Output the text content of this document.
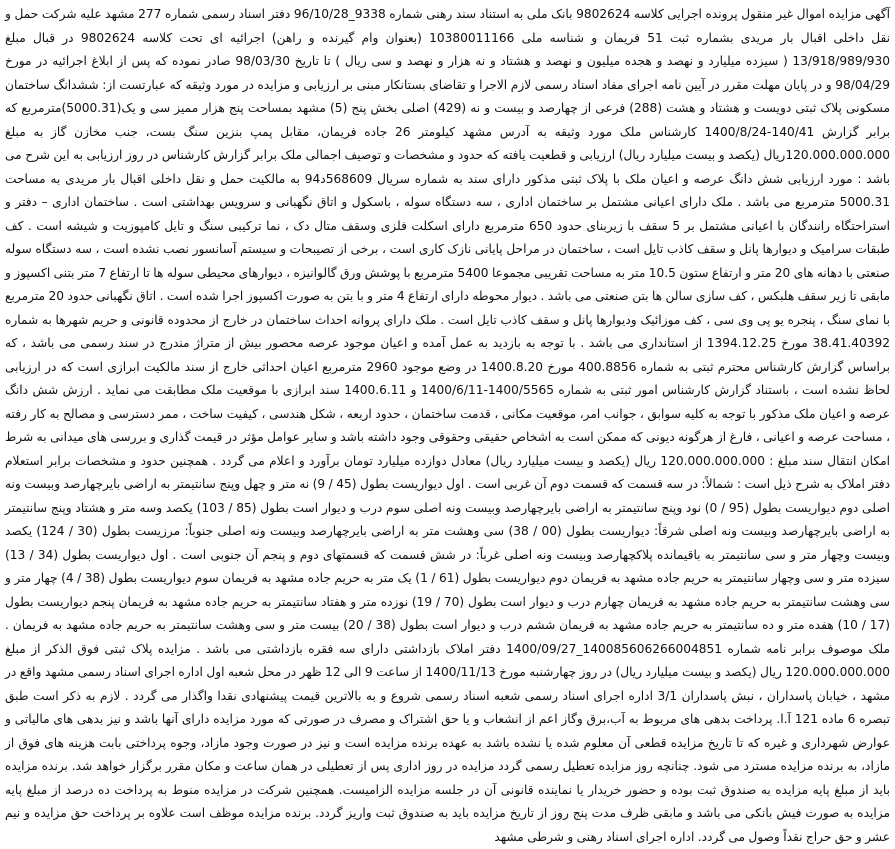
آگهی مزایده اموال غیر منقول پرونده اجرایی کلاسه 9802624 بانک ملی به استناد سند رهنی شماره 9338_96/10/28 دفتر اسناد رسمی شماره 277 مشهد علیه شرکت حمل و نقل داخلی اقبال بار مریدی بشماره ثبت 51 فریمان و شناسه ملی 10380011166 (بعنوان وام گیرنده و راهن) اجرائیه ای تحت کلاسه 9802624 در قبال مبلغ 13/918/989/930 ( سیزده میلیارد و نهصد و هجده میلیون و نهصد و هشتاد و نه هزار و نهصد و سی ریال ) تا تاریخ 98/03/30 صادر نموده که پس از ابلاغ اجرائیه در مورخ 98/04/29 و در پایان مهلت مقرر در آیین نامه اجرای مفاد اسناد رسمی لازم الاجرا و تقاضای بستانکار مبنی بر ارزیابی و مزایده در مورد وثیقه که عبارتست از: ششدانگ ساختمان مسکونی پلاک ثبتی دویست و هشتاد و هشت (288) فرعی از چهارصد و بیست و نه (429) اصلی بخش پنج (5) مشهد بمساحت پنج هزار ممیز سی و یک(5000.31)مترمربع که برابر گزارش 140/41-1400/8/24 کارشناس ملک مورد وثیقه به آدرس مشهد کیلومتر 26 جاده فریمان، مقابل پمپ بنزین سنگ بست، جنب مخازن گاز به مبلغ 120.000.000.000ریال (یکصد و بیست میلیارد ریال) ارزیابی و قطعیت یافته که حدود و مشخصات و توصیف اجمالی ملک برابر گزارش کارشناس در روز ارزیابی به این شرح می باشد : مورد ارزیابی شش دانگ عرصه و اعیان ملک با پلاک ثبتی مذکور دارای سند به شماره سریال 568609د94 به مالکیت حمل و نقل داخلی اقبال بار مریدی به مساحت 5000.31 مترمربع می باشد . ملک دارای اعیانی مشتمل بر ساختمان اداری ، سه دستگاه سوله ، باسکول و اتاق نگهبانی و سرویس بهداشتی است . ساختمان اداری – دفتر و استراحتگاه رانندگان با اعیانی مشتمل بر 5 سقف با زیربنای حدود 650 مترمربع دارای اسکلت فلزی وسقف متال دک ، نما ترکیبی سنگ و تایل کامپوزیت و شیشه است . کف طبقات سرامیک و دیوارها پانل و سقف کاذب تایل است ، ساختمان در مراحل پایانی نازک کاری است ، برخی از تصیبحات و سیستم آسانسور نصب نشده است ، سه دستگاه سوله صنعتی با دهانه های 20 متر و ارتفاع ستون 10.5 متر به مساحت تقریبی مجموعا 5400 مترمربع با پوشش ورق گالوانیزه ، دیوارهای محیطی سوله ها تا ارتفاع 7 متر بتنی اکسپوز و مابقی تا زیر سقف هلبکس ، کف سازی سالن ها بتن صنعتی می باشد . دیوار محوطه دارای ارتفاع 4 متر و با بتن به صورت اکسپوز اجرا شده است . اتاق نگهبانی حدود 20 مترمربع با نمای سنگ ، پنجره یو پی وی سی ، کف موزائیک ودیوارها پانل و سقف کاذب تایل است . ملک دارای پروانه احداث ساختمان در خارج از محدوده قانونی و حریم شهرها به شماره 38.41.40392 مورخ 1394.12.25 از استانداری می باشد . با توجه به بازدید به عمل آمده و اعیان موجود عرصه محصور بیش از متراژ مندرج در سند رسمی می باشد ، که براساس گزارش کارشناس محترم ثبتی به شماره 400.8856 مورخ 1400.8.20 در وضع موجود 2960 مترمربع اعیان احداثی خارج از سند مالکیت ابرازی است که در ارزیابی لحاظ نشده است ، باستناد گزارش کارشناس امور ثبتی به شماره 1400/5565-1400/6/11 و 1400.6.11 سند ابرازی با موقعیت ملک مطابقت می نماید . ارزش شش دانگ عرصه و اعیان ملک مذکور با توجه به کلیه سوابق ، جوانب امر، موقعیت مکانی ، قدمت ساختمان ، حدود اربعه ، شکل هندسی ، کیفیت ساخت ، ممر دسترسی و مصالح به کار رفته ، مساحت عرصه و اعیانی ، فارغ از هرگونه دیونی که ممکن است به اشخاص حقیقی وحقوقی وجود داشته باشد و سایر عوامل مؤثر در قیمت گذاری و بررسی های میدانی به شرط امکان انتقال سند مبلغ : 120.000.000.000 ریال (یکصد و بیست میلیارد ریال) معادل دوازده میلیارد تومان برآورد و اعلام می گردد . همچنین حدود و مشخصات برابر استعلام دفتر املاک به شرح ذیل است : شمالاً: در سه قسمت که قسمت دوم آن غربی است . اول دیواریست بطول (45 / 9) نه متر و چهل وپنج سانتیمتر به اراضی بایرچهارصد وبیست ونه اصلی دوم دیواریست بطول (95 / 0) نود وپنج سانتیمتر به اراضی بایرچهارصد وبیست ونه اصلی سوم درب و دیوار است بطول (85 / 103) یکصد وسه متر و هشتاد وپنج سانتیمتر به اراضی بایرچهارصد وبیست ونه اصلی شرقاً: دیواریست بطول (00 / 38) سی وهشت متر به اراضی بایرچهارصد وبیست ونه اصلی جنوباً: مرزیست بطول (30 / 124) یکصد وبیست وچهار متر و سی سانتیمتر به باقیمانده پلاکچهارصد وبیست ونه اصلی غرباً: در شش قسمت که قسمتهای دوم و پنجم آن جنوبی است . اول دیواریست بطول (34 / 13) سیزده متر و سی وچهار سانتیمتر به حریم جاده مشهد به فریمان دوم دیواریست بطول (61 / 1) یک متر به حریم جاده مشهد به فریمان سوم دیواریست بطول (38 / 4) چهار متر و سی وهشت سانتیمتر به حریم جاده مشهد به فریمان چهارم درب و دیوار است بطول (70 / 19) نوزده متر و هفتاد سانتیمتر به حریم جاده مشهد به فریمان پنجم دیواریست بطول (17 / 10) هفده متر و ده سانتیمتر به حریم جاده مشهد به فریمان ششم درب و دیوار است بطول (38 / 20) بیست متر و سی وهشت سانتیمتر به حریم جاده مشهد به فریمان . ملک موصوف برابر نامه شماره 140085606266004851_1400/09/27 دفتر املاک بازداشتی دارای سه فقره بازداشتی می باشد . مزایده پلاک ثبتی فوق الذکر از مبلغ 120.000.000.000 ریال (یکصد و بیست میلیارد ریال) در روز چهارشنبه مورخ 1400/11/13 از ساعت 9 الی 12 ظهر در محل شعبه اول اداره اجرای اسناد رسمی مشهد واقع در مشهد ، خیابان پاسداران ، نبش پاسداران 3/1 اداره اجرای اسناد رسمی شعبه اسناد رسمی شروع و به بالاترین قیمت پیشنهادی نقدا واگذار می گردد . لازم به ذکر است طبق تبصره 6 ماده 121 آ.ا. پرداخت بدهی های مربوط به آب،برق وگاز اعم از انشعاب و یا حق اشتراک و مصرف در صورتی که مورد مزایده دارای آنها باشد و نیز بدهی های مالیاتی و عوارض شهرداری و غیره که تا تاریخ مزایده قطعی آن معلوم شده یا نشده باشد به عهده برنده مزایده است و نیز در صورت وجود مازاد، وجوه پرداختی بابت هزینه های فوق از مازاد، به برنده مزایده مسترد می شود. چنانچه روز مزایده تعطیل رسمی گردد مزایده در روز اداری پس از تعطیلی در همان ساعت و مکان مقرر برگزار خواهد شد. برنده مزایده باید از مبلغ پایه مزایده به صندوق ثبت بوده و حضور خریدار یا نماینده قانونی آن در جلسه مزایده الزامیست. همچنین شرکت در مزایده منوط به پرداخت ده درصد از مبلغ پایه مزایده به صورت فیش بانکی می باشد و مابقی ظرف مدت پنج روز از تاریخ مزایده باید به صندوق ثبت واریز گردد. برنده مزایده موظف است علاوه بر پرداخت حق مزایده و نیم عشر و حق حراج نقداً وصول می گردد. اداره اجرای اسناد رهنی و شرطی مشهد
